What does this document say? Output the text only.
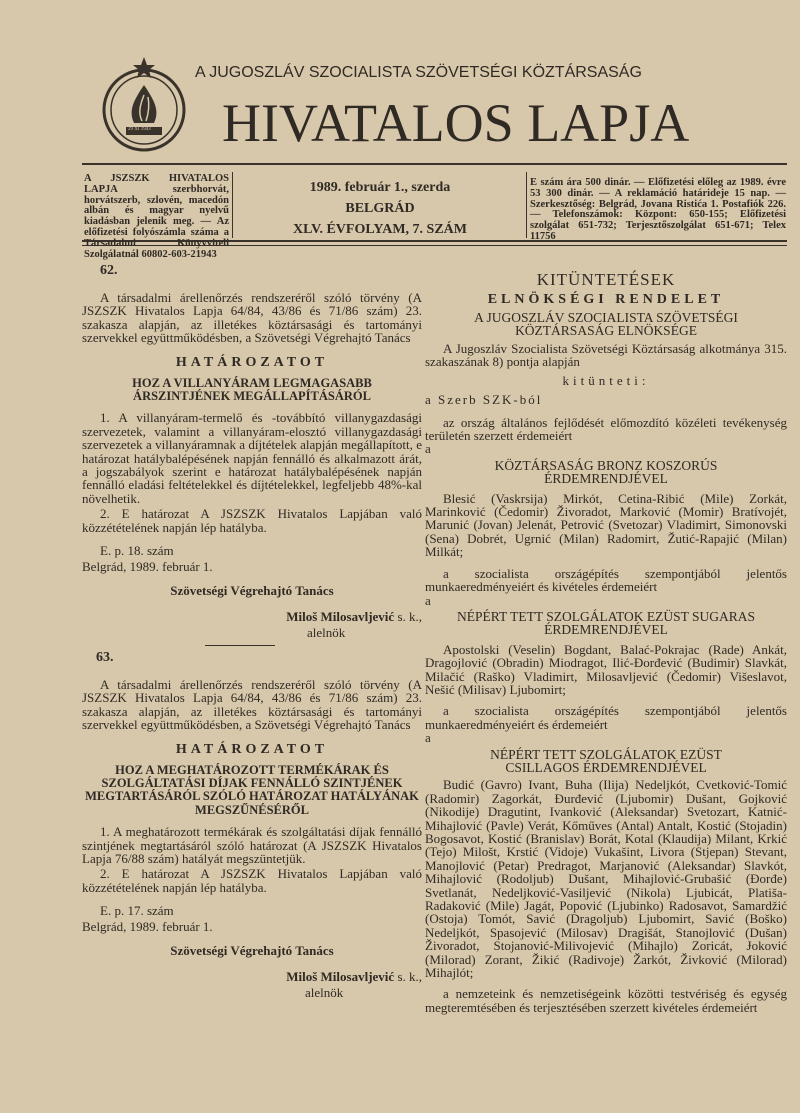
29 XI 1943
A JUGOSZLÁV SZOCIALISTA SZÖVETSÉGI KÖZTÁRSASÁG
HIVATALOS LAPJA

A JSZSZK HIVATALOS LAPJA szerbhorvát, horvátszerb, szlovén, macedón albán és magyar nyelvű kiadásban jelenik meg. — Az előfizetési folyószámla száma a Társadalmi Könyvviteli Szolgálatnál 60802-603-21943

1989. február 1., szerda
BELGRÁD
XLV. ÉVFOLYAM, 7. SZÁM

E szám ára 500 dinár. — Előfizetési előleg az 1989. évre 53 300 dinár. — A reklamáció határideje 15 nap. — Szerkesztőség: Belgrád, Jovana Ristića 1. Postafiók 226. — Telefonszámok: Központ: 650-155; Előfizetési szolgálat 651-732; Terjesztőszolgálat 651-671; Telex 11756

62.

A társadalmi árellenőrzés rendszeréről szóló törvény (A JSZSZK Hivatalos Lapja 64/84, 43/86 és 71/86 szám) 23. szakasza alapján, az illetékes köztársasági és tartományi szervekkel együttműködésben, a Szövetségi Végrehajtó Tanács

HATÁROZATOT

HOZ A VILLANYÁRAM LEGMAGASABB ÁRSZINTJÉNEK MEGÁLLAPÍTÁSÁRÓL

1. A villanyáram-termelő és -továbbító villanygazdasági szervezetek, valamint a villanyáram-elosztó villanygazdasági szervezetek a villanyáramnak a díjtételek alapján megállapított, e határozat hatálybalépésének napján fennálló és alkalmazott árát, a jogszabályok szerint e határozat hatálybalépésének napján fennálló eladási feltételekkel és díjtételekkel, legfeljebb 48%-kal növelhetik.

2. E határozat A JSZSZK Hivatalos Lapjában való közzétételének napján lép hatályba.

E. p. 18. szám

Belgrád, 1989. február 1.

Szövetségi Végrehajtó Tanács
Miloš Milosavljević s. k.,
alelnök
63.

A társadalmi árellenőrzés rendszeréről szóló törvény (A JSZSZK Hivatalos Lapja 64/84, 43/86 és 71/86 szám) 23. szakasza alapján, az illetékes köztársasági és tartományi szervekkel együttműködésben, a Szövetségi Végrehajtó Tanács

HATÁROZATOT

HOZ A MEGHATÁROZOTT TERMÉKÁRAK ÉS SZOLGÁLTATÁSI DÍJAK FENNÁLLÓ SZINTJÉNEK MEGTARTÁSÁRÓL SZÓLÓ HATÁROZAT HATÁLYÁNAK MEGSZŰNÉSÉRŐL

1. A meghatározott termékárak és szolgáltatási díjak fennálló szintjének megtartásáról szóló határozat (A JSZSZK Hivatalos Lapja 76/88 szám) hatályát megszüntetjük.

2. E határozat A JSZSZK Hivatalos Lapjában való közzétételének napján lép hatályba.

E. p. 17. szám

Belgrád, 1989. február 1.

Szövetségi Végrehajtó Tanács
Miloš Milosavljević s. k.,
alelnök
KITÜNTETÉSEK
ELNÖKSÉGI RENDELET

A JUGOSZLÁV SZOCIALISTA SZÖVETSÉGI KÖZTÁRSASÁG ELNÖKSÉGE

A Jugoszláv Szocialista Szövetségi Köztársaság alkotmánya 315. szakaszának 8) pontja alapján

kitünteti:
a Szerb SZK-ból

az ország általános fejlődését előmozdító közéleti tevékenység területén szerzett érdemeiért

a

KÖZTÁRSASÁG BRONZ KOSZORÚS ÉRDEMRENDJÉVEL

Blesić (Vaskrsija) Mirkót, Cetina-Ribić (Mile) Zorkát, Marinković (Čedomir) Živoradot, Marković (Momir) Bratívojét, Marunić (Jovan) Jelenát, Petrović (Svetozar) Vladimirt, Simonovski (Sena) Dobrét, Ugrnić (Milan) Radomirt, Žutić-Rapajić (Milan) Milkát;

a szocialista országépítés szempontjából jelentős munkaeredményeiért és kivételes érdemeiért

a

NÉPÉRT TETT SZOLGÁLATOK EZÜST SUGARAS ÉRDEMRENDJÉVEL

Apostolski (Veselin) Bogdant, Balać-Pokrajac (Rade) Ankát, Dragojlović (Obradin) Miodragot, Ilić-Đorđević (Budimir) Slavkát, Milačić (Raško) Vladimirt, Milosavljević (Čedomir) Višeslavot, Nešić (Milisav) Ljubomirt;

a szocialista országépítés szempontjából jelentős munkaeredményeiért és érdemeiért

a

NÉPÉRT TETT SZOLGÁLATOK EZÜST CSILLAGOS ÉRDEMRENDJÉVEL

Budić (Gavro) Ivant, Buha (Ilija) Nedeljkót, Cvetković-Tomić (Radomir) Zagorkát, Đurđević (Ljubomir) Dušant, Gojković (Nikodije) Dragutint, Ivanković (Aleksandar) Svetozart, Katnić-Mihajlović (Pavle) Verát, Kőműves (Antal) Antalt, Kostić (Stojadin) Bogosavot, Kostić (Branislav) Borát, Kotal (Klaudija) Milant, Krkić (Tejo) Milošt, Krstić (Vidoje) Vukašint, Livora (Stjepan) Stevant, Manojlović (Petar) Predragot, Marjanović (Aleksandar) Slavkót, Mihajlović (Rodoljub) Dušant, Mihajlović-Grubašić (Đorđe) Svetlanát, Nedeljković-Vasiljević (Nikola) Ljubicát, Platiša-Radaković (Mile) Jagát, Popović (Ljubinko) Radosavot, Samardžić (Ostoja) Tomót, Savić (Dragoljub) Ljubomirt, Savić (Boško) Nedeljkót, Spasojević (Milosav) Dragišát, Stanojlović (Dušan) Živoradot, Stojanović-Milivojević (Mihajlo) Zoricát, Ɉoković (Milorad) Zorant, Žikić (Radivoje) Žarkót, Živković (Milorad) Mihajlót;

a nemzeteink és nemzetiségeink közötti testvériség és egység megteremtésében és terjesztésében szerzett kivételes érdemeiért
